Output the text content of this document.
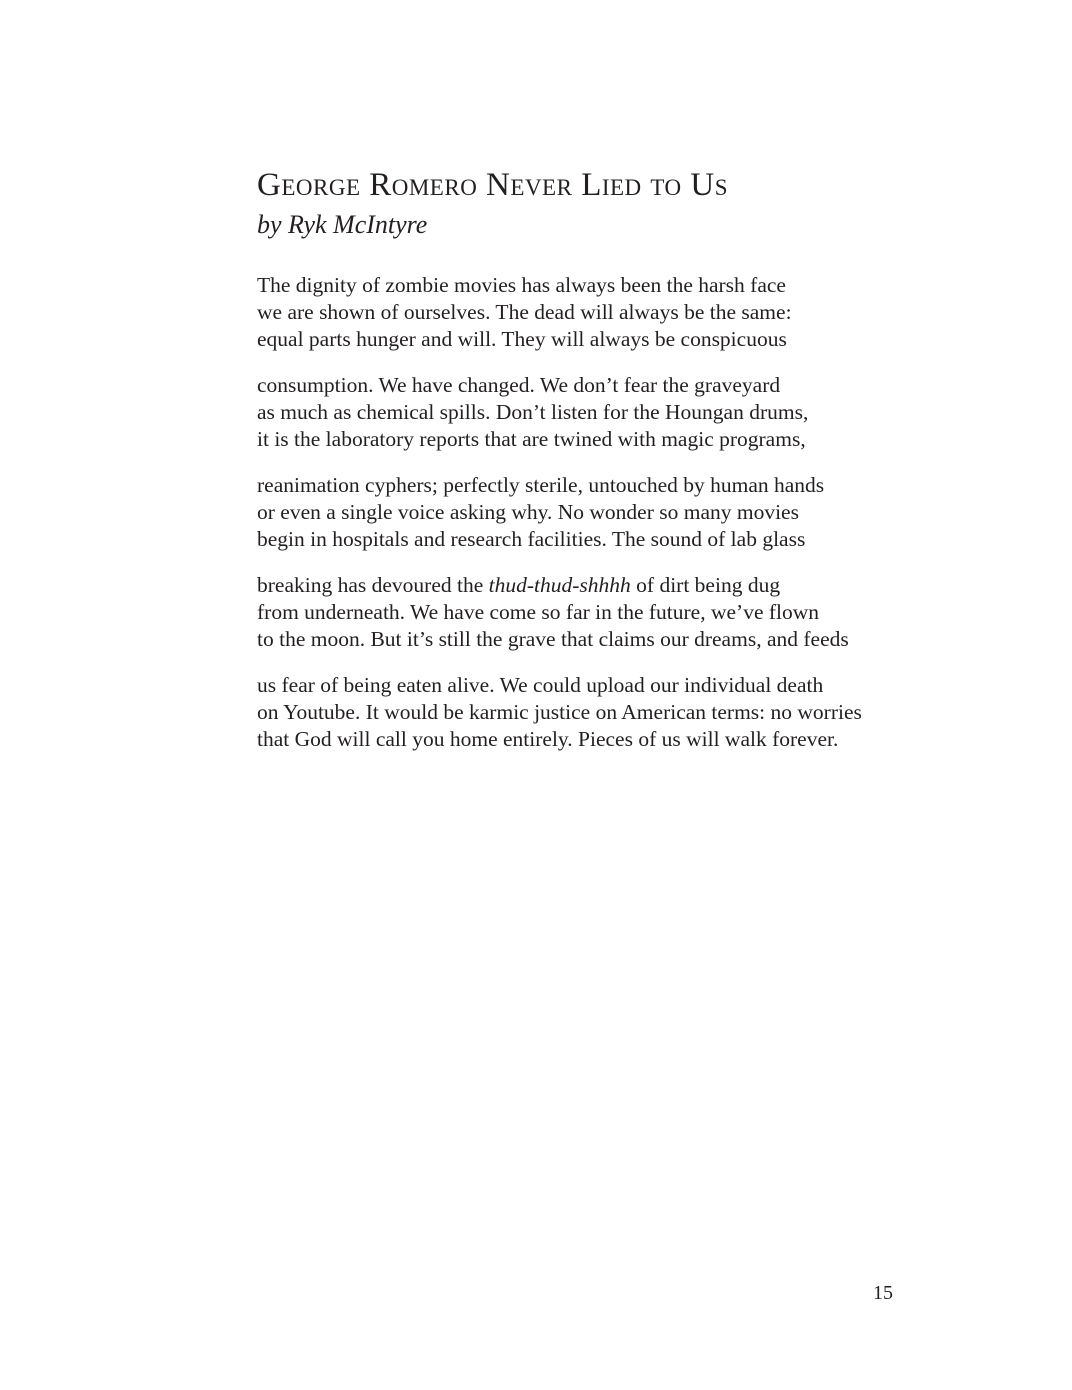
George Romero Never Lied to Us

by Ryk McIntyre

The dignity of zombie movies has always been the harsh face
we are shown of ourselves. The dead will always be the same:
equal parts hunger and will. They will always be conspicuous
consumption. We have changed. We don’t fear the graveyard
as much as chemical spills. Don’t listen for the Houngan drums,
it is the laboratory reports that are twined with magic programs,
reanimation cyphers; perfectly sterile, untouched by human hands
or even a single voice asking why. No wonder so many movies
begin in hospitals and research facilities. The sound of lab glass
breaking has devoured the thud-thud-shhhh of dirt being dug
from underneath. We have come so far in the future, we’ve flown
to the moon. But it’s still the grave that claims our dreams, and feeds
us fear of being eaten alive. We could upload our individual death
on Youtube. It would be karmic justice on American terms: no worries
that God will call you home entirely. Pieces of us will walk forever.
15
